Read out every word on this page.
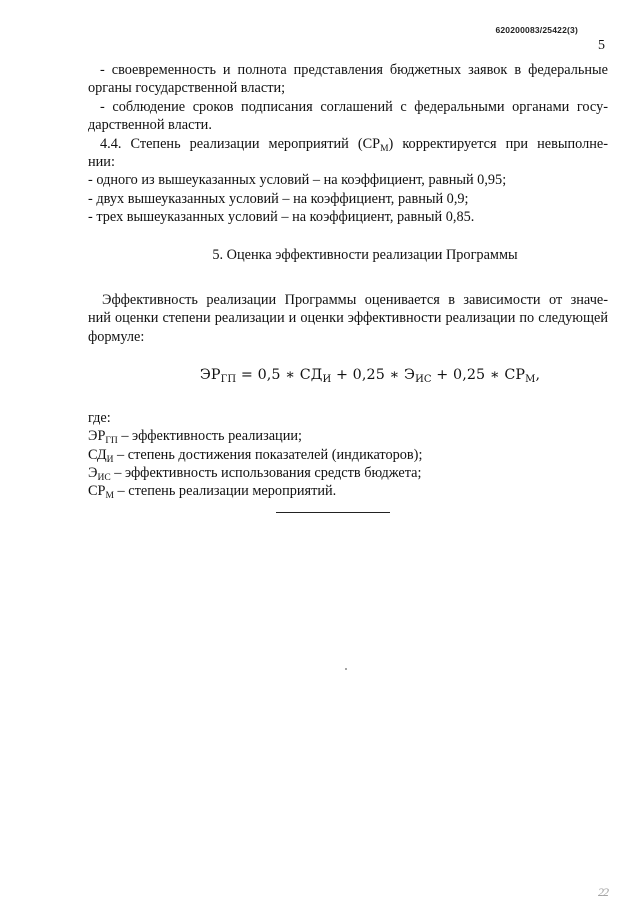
620200083/25422(3)
5

- своевременность и полнота представления бюджетных заявок в федеральные

органы государственной власти;

- соблюдение сроков подписания соглашений с федеральными органами госу-

дарственной власти.

4.4. Степень реализации мероприятий $(СР_М)$ корректируется при невыполне-

нии:

- одного из вышеуказанных условий – на коэффициент, равный 0,95;

- двух вышеуказанных условий – на коэффициент, равный 0,9;

- трех вышеуказанных условий – на коэффициент, равный 0,85.

5. Оценка эффективности реализации Программы

Эффективность реализации Программы оценивается в зависимости от значе-

ний оценки степени реализации и оценки эффективности реализации по следующей

формуле:

$ЭР_{ГП} = 0,5$ ∗ $СД_И + 0,25$ ∗ $Э_{ИС} + 0,25$ ∗ $СР_М$,

где:

$ЭР_{ГП}$ – эффективность реализации;

$СД_И$ – степень достижения показателей (индикаторов);

$Э_{ИС}$ – эффективность использования средств бюджета;

$СР_М$ – степень реализации мероприятий.

22
